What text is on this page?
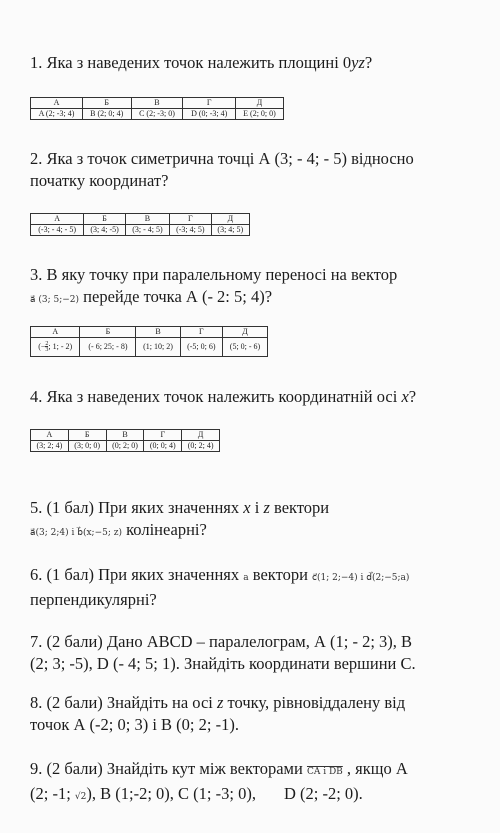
1. Яка з наведених точок належить площині 0yz?
А	Б	В	Г	Д
A (2; -3; 4)	B (2; 0; 4)	C (2; -3; 0)	D (0; -3; 4)	E (2; 0; 0)
2. Яка з точок симетрична точці А (3; - 4; - 5) відносно
початку координат?
А	Б	В	Г	Д
(-3; - 4; - 5)	(3; 4; -5)	(3; - 4; 5)	(-3; 4; 5)	(3; 4; 5)
3. В яку точку при паралельному переносі на вектор
a⃗ (3; 5;−2) перейде точка А (- 2: 5; 4)?
А	Б	В	Г	Д
($-\frac{2}{3}$; 1; - 2)	(- 6; 25; - 8)	(1; 10; 2)	(-5; 0; 6)	(5; 0; - 6)
4. Яка з наведених точок належить координатній осі x?
А	Б	В	Г	Д
(3; 2; 4)	(3; 0; 0)	(0; 2; 0)	(0; 0; 4)	(0; 2; 4)
5. (1 бал) При яких значеннях x і z вектори
a⃗(3; 2;4) і b⃗(x;−5; z) колінеарні?
6. (1 бал) При яких значеннях a вектори c⃗(1; 2;−4) і d⃗(2;−5;a)
перпендикулярні?
7. (2 бали) Дано ABCD – паралелограм, А (1; - 2; 3), В
(2; 3; -5), D (- 4; 5; 1). Знайдіть координати вершини С.
8. (2 бали) Знайдіть на осі z точку, рівновіддалену від
точок А (-2; 0; 3) і В (0; 2; -1).
9. (2 бали) Знайдіть кут між векторами CA і DB , якщо А
(2; -1; √2), В (1;-2; 0), С (1; -3; 0), D (2; -2; 0).
